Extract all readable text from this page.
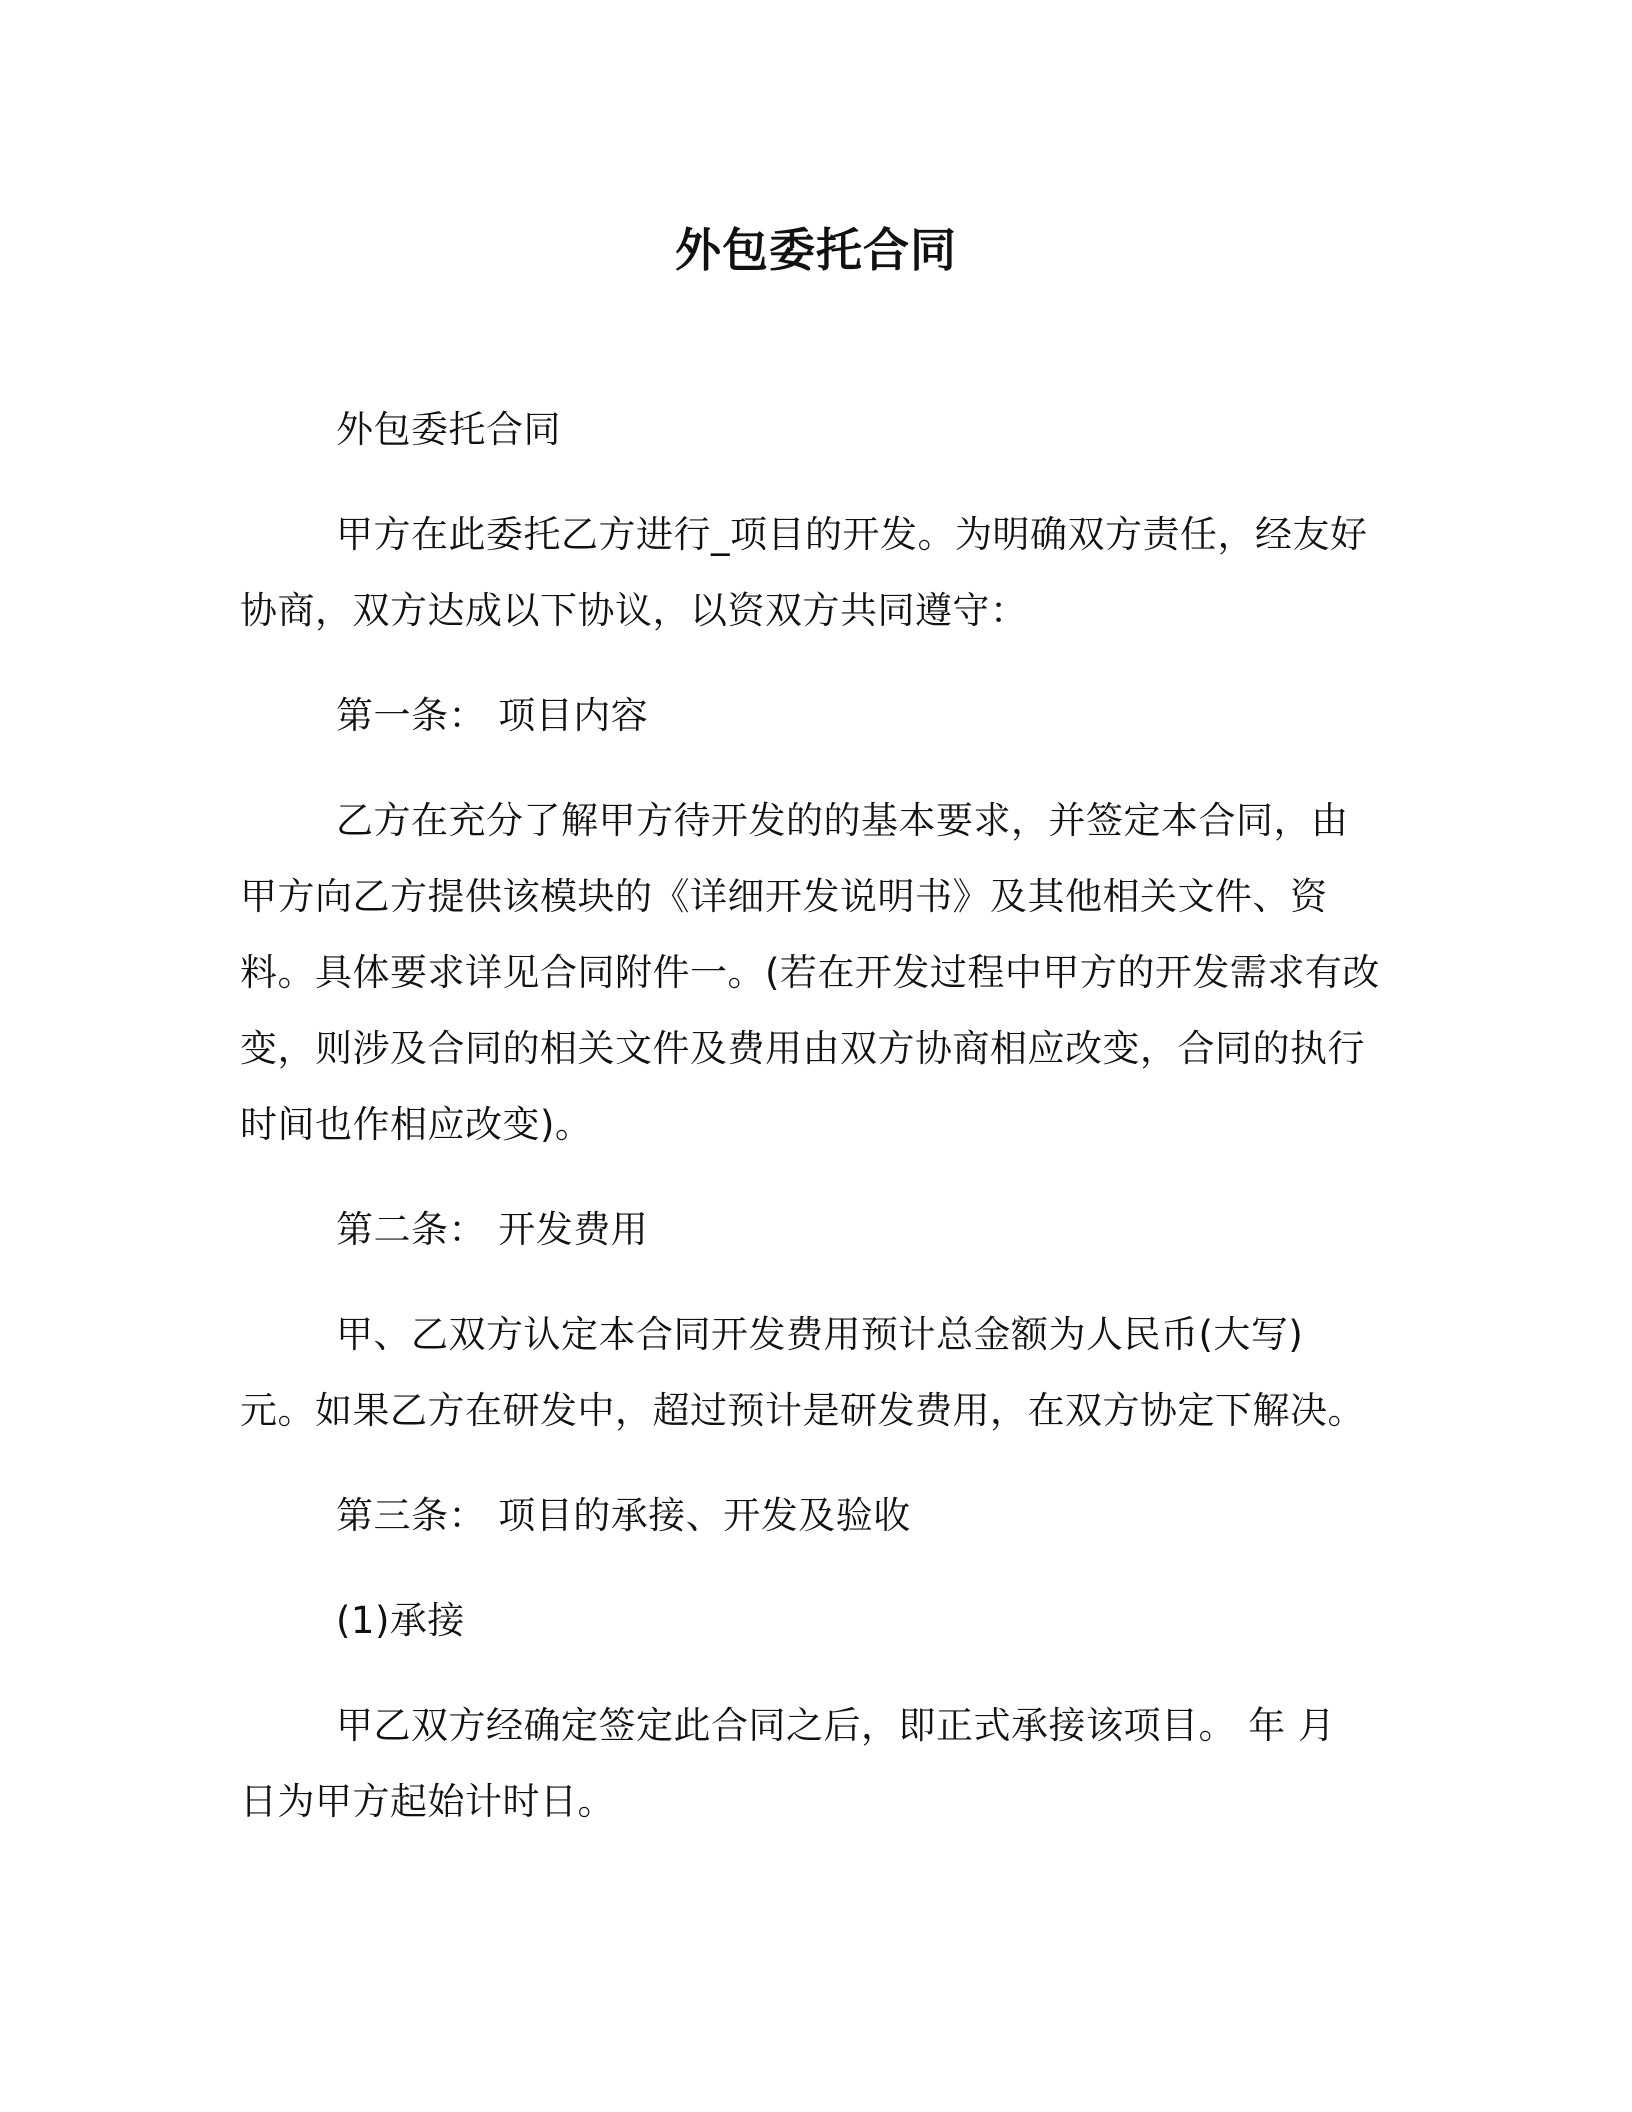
外包委托合同

外包委托合同

甲方在此委托乙方进行_项目的开发。为明确双方责任，经友好协商，双方达成以下协议，以资双方共同遵守：

第一条： 项目内容

乙方在充分了解甲方待开发的的基本要求，并签定本合同，由甲方向乙方提供该模块的《详细开发说明书》及其他相关文件、资料。具体要求详见合同附件一。(若在开发过程中甲方的开发需求有改变，则涉及合同的相关文件及费用由双方协商相应改变，合同的执行时间也作相应改变)。

第二条： 开发费用

甲、乙双方认定本合同开发费用预计总金额为人民币(大写) 元。如果乙方在研发中，超过预计是研发费用，在双方协定下解决。

第三条： 项目的承接、开发及验收

(1)承接

甲乙双方经确定签定此合同之后，即正式承接该项目。 年 月 日为甲方起始计时日。
